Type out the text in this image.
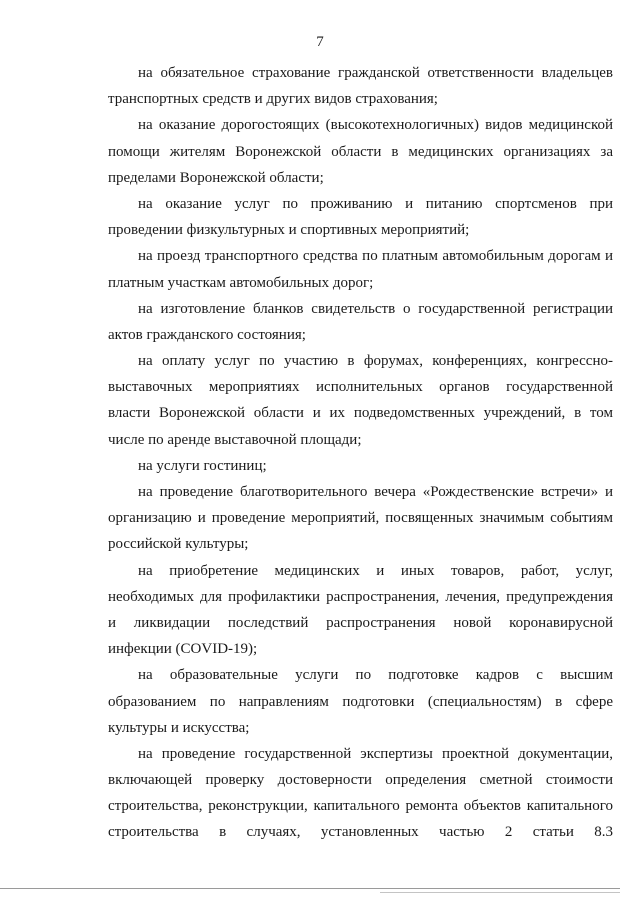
7
на обязательное страхование гражданской ответственности владельцев
транспортных средств и других видов страхования;
на оказание дорогостоящих (высокотехнологичных) видов медицинской
помощи жителям Воронежской области в медицинских организациях за
пределами Воронежской области;
на оказание услуг по проживанию и питанию спортсменов при
проведении физкультурных и спортивных мероприятий;
на проезд транспортного средства по платным автомобильным дорогам и
платным участкам автомобильных дорог;
на изготовление бланков свидетельств о государственной регистрации
актов гражданского состояния;
на оплату услуг по участию в форумах, конференциях, конгрессно-
выставочных мероприятиях исполнительных органов государственной
власти Воронежской области и их подведомственных учреждений, в том
числе по аренде выставочной площади;
на услуги гостиниц;
на проведение благотворительного вечера «Рождественские встречи» и
организацию и проведение мероприятий, посвященных значимым событиям
российской культуры;
на приобретение медицинских и иных товаров, работ, услуг,
необходимых для профилактики распространения, лечения, предупреждения
и ликвидации последствий распространения новой коронавирусной
инфекции (COVID-19);
на образовательные услуги по подготовке кадров с высшим
образованием по направлениям подготовки (специальностям) в сфере
культуры и искусства;
на проведение государственной экспертизы проектной документации,
включающей проверку достоверности определения сметной стоимости
строительства, реконструкции, капитального ремонта объектов капитального
строительства в случаях, установленных частью 2 статьи 8.3
